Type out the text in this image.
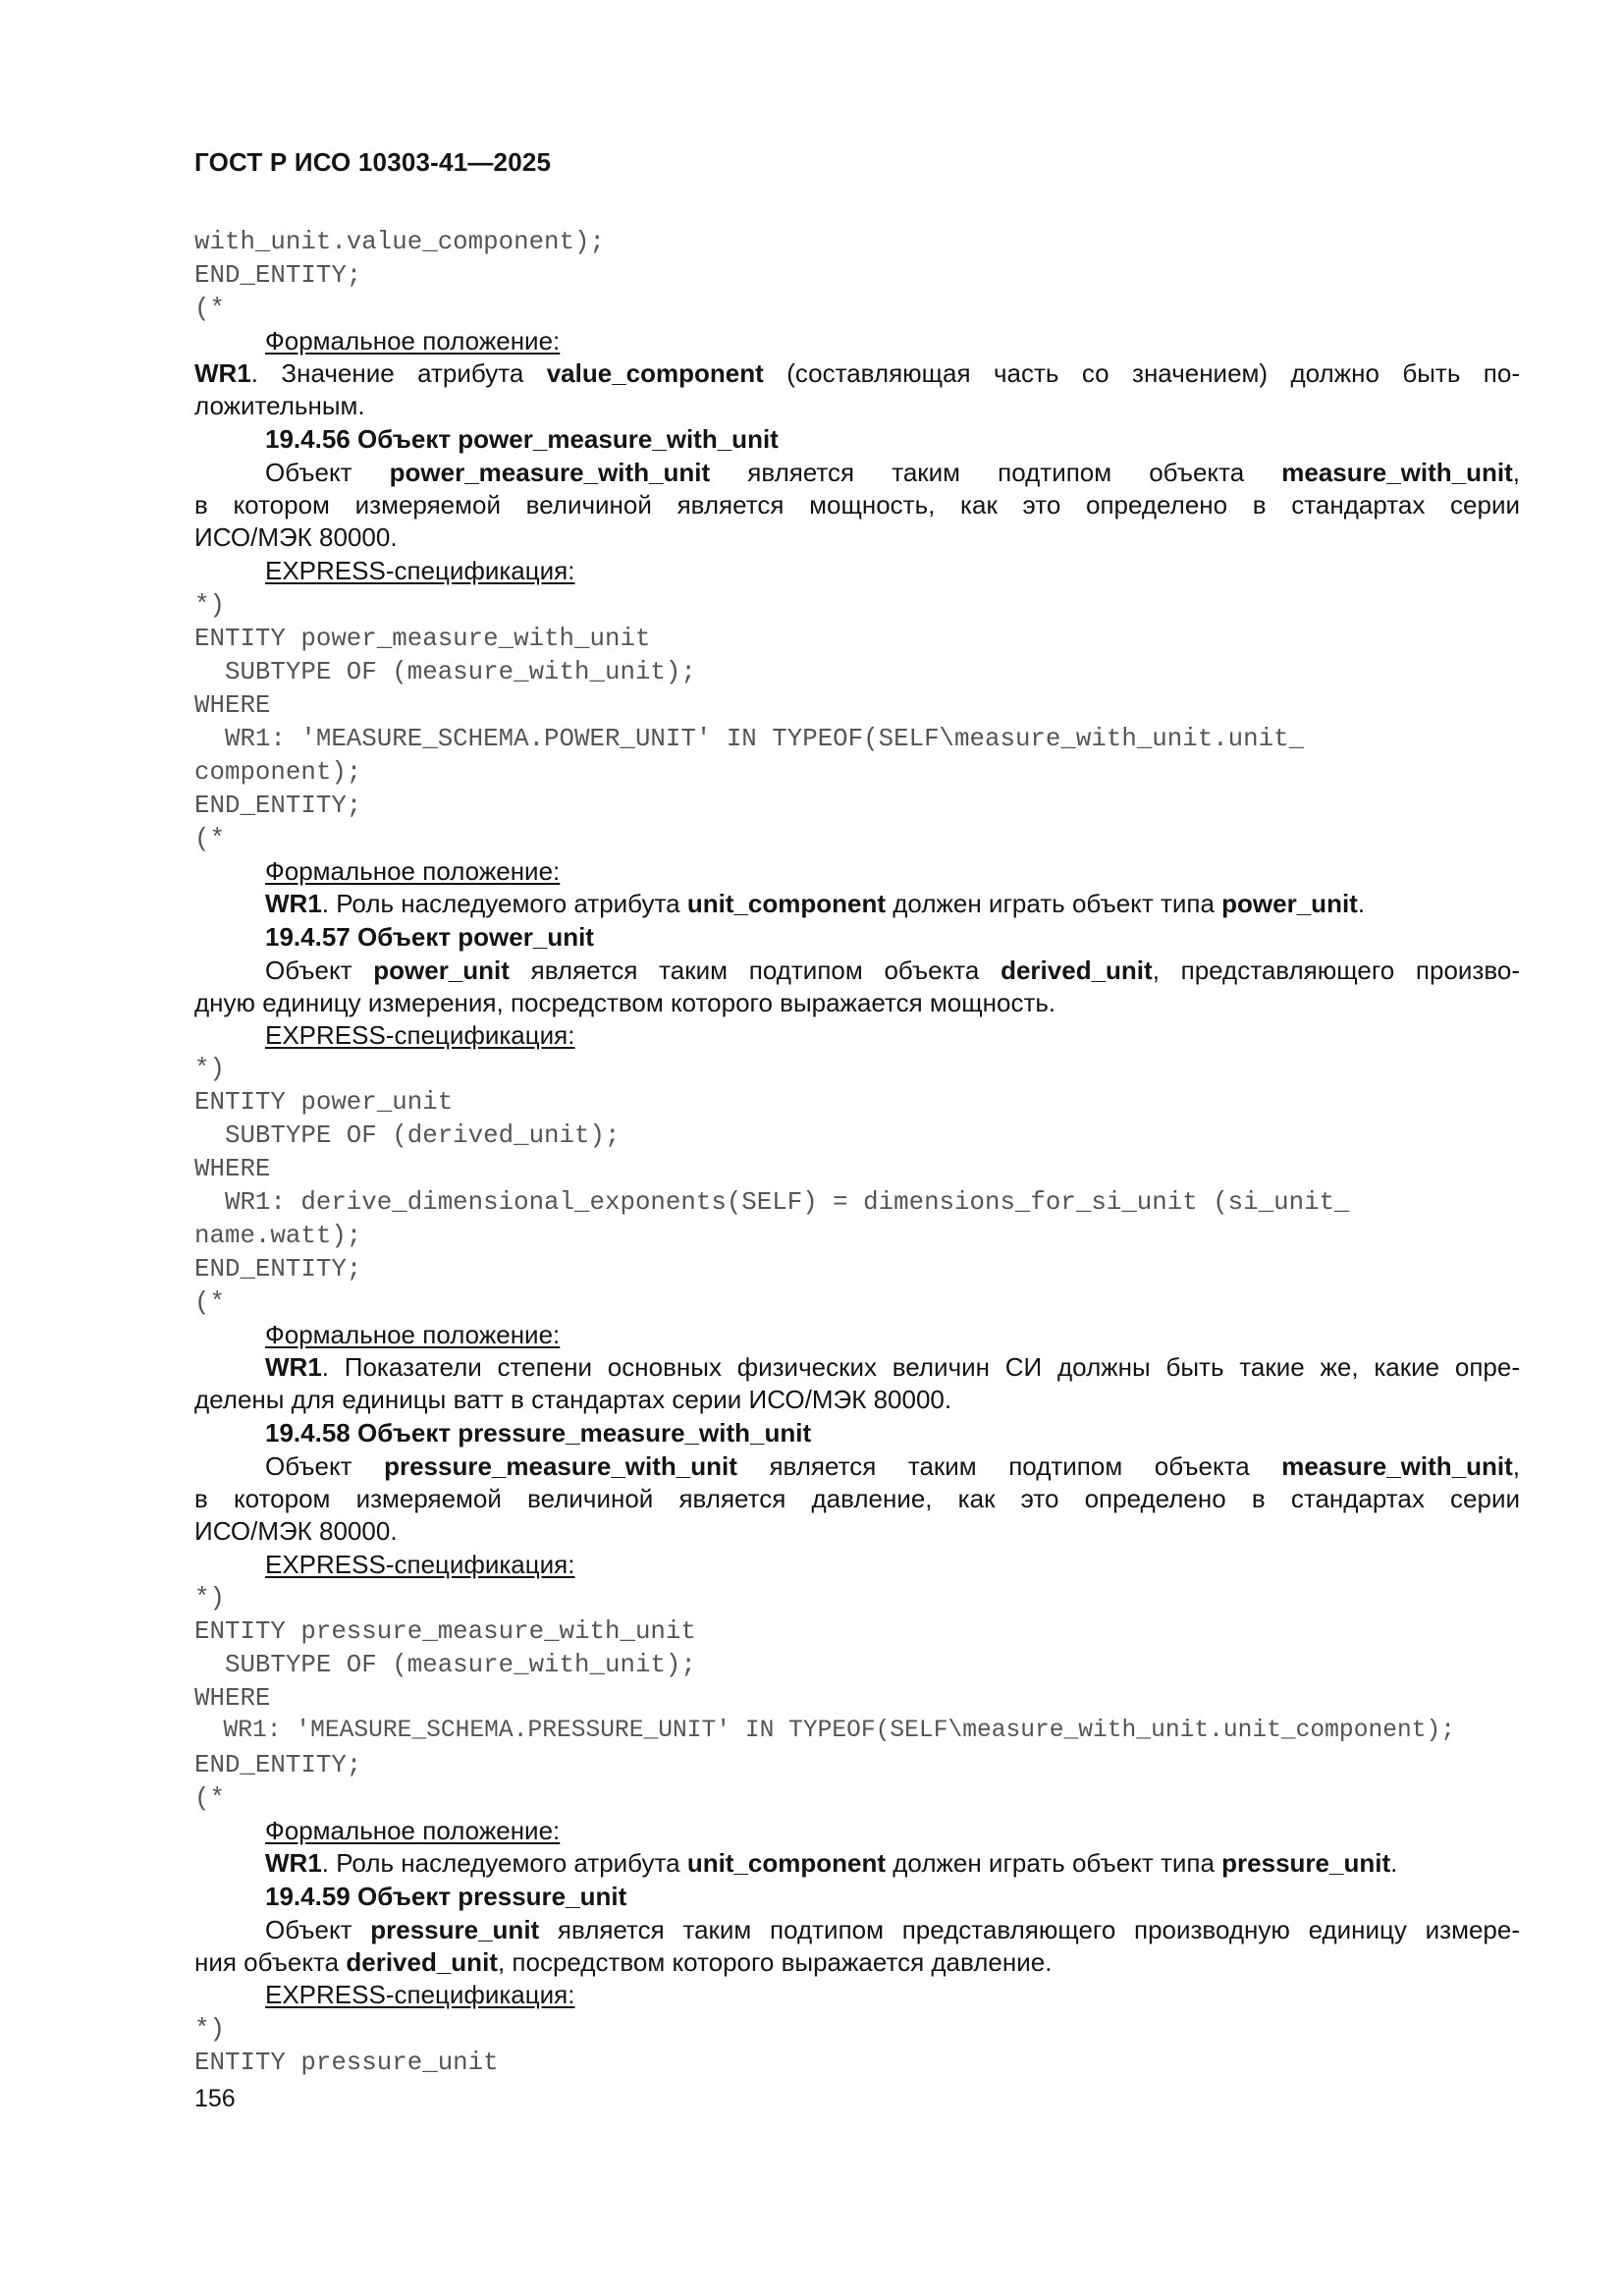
ГОСТ Р ИСО 10303-41—2025
with_unit.value_component);
END_ENTITY;
(*
Формальное положение:
WR1. Значение атрибута value_component (составляющая часть со значением) должно быть по-
ложительным.
19.4.56 Объект power_measure_with_unit
Объект power_measure_with_unit является таким подтипом объекта measure_with_unit,
в котором измеряемой величиной является мощность, как это определено в стандартах серии
ИСО/МЭК 80000.
EXPRESS-спецификация:
*)
ENTITY power_measure_with_unit
SUBTYPE OF (measure_with_unit);
WHERE
WR1: 'MEASURE_SCHEMA.POWER_UNIT' IN TYPEOF(SELF\measure_with_unit.unit_
component);
END_ENTITY;
(*
Формальное положение:
WR1. Роль наследуемого атрибута unit_component должен играть объект типа power_unit.
19.4.57 Объект power_unit
Объект power_unit является таким подтипом объекта derived_unit, представляющего произво-
дную единицу измерения, посредством которого выражается мощность.
EXPRESS-спецификация:
*)
ENTITY power_unit
SUBTYPE OF (derived_unit);
WHERE
WR1: derive_dimensional_exponents(SELF) = dimensions_for_si_unit (si_unit_
name.watt);
END_ENTITY;
(*
Формальное положение:
WR1. Показатели степени основных физических величин СИ должны быть такие же, какие опре-
делены для единицы ватт в стандартах серии ИСО/МЭК 80000.
19.4.58 Объект pressure_measure_with_unit
Объект pressure_measure_with_unit является таким подтипом объекта measure_with_unit,
в котором измеряемой величиной является давление, как это определено в стандартах серии
ИСО/МЭК 80000.
EXPRESS-спецификация:
*)
ENTITY pressure_measure_with_unit
SUBTYPE OF (measure_with_unit);
WHERE
WR1: 'MEASURE_SCHEMA.PRESSURE_UNIT' IN TYPEOF(SELF\measure_with_unit.unit_component);
END_ENTITY;
(*
Формальное положение:
WR1. Роль наследуемого атрибута unit_component должен играть объект типа pressure_unit.
19.4.59 Объект pressure_unit
Объект pressure_unit является таким подтипом представляющего производную единицу измере-
ния объекта derived_unit, посредством которого выражается давление.
EXPRESS-спецификация:
*)
ENTITY pressure_unit
156
